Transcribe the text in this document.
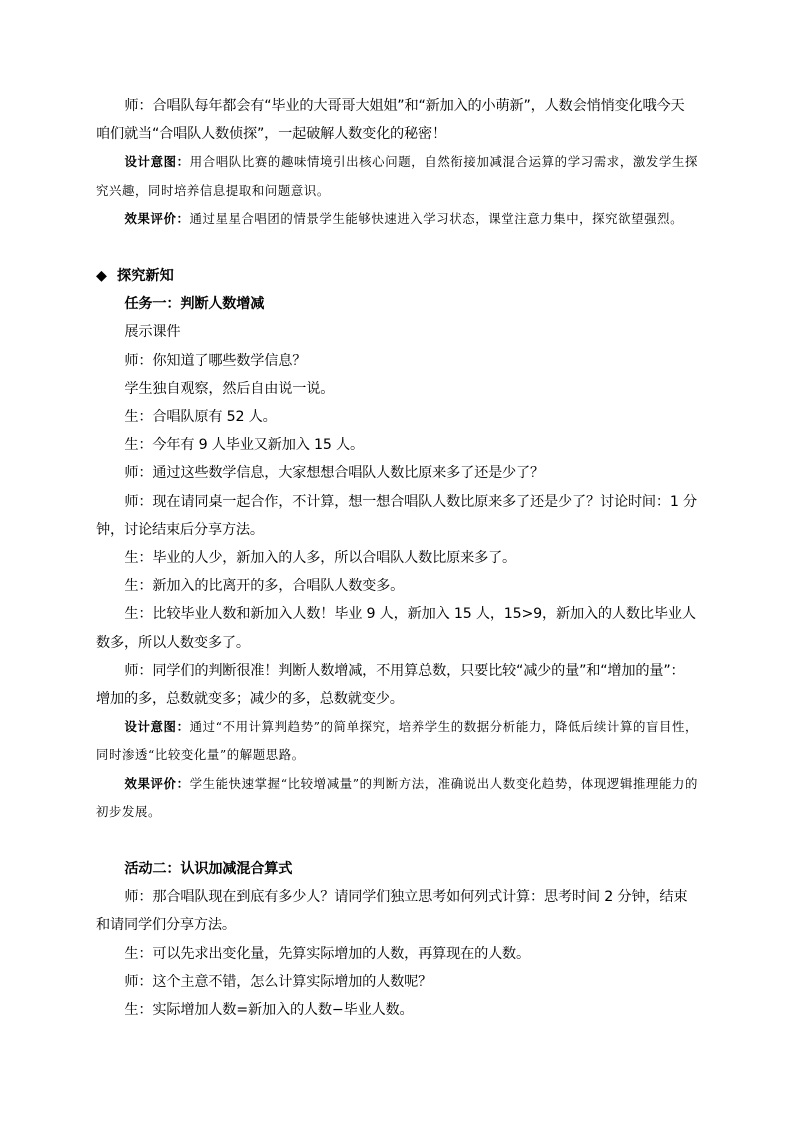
师：合唱队每年都会有“毕业的大哥哥大姐姐”和“新加入的小萌新”，人数会悄悄变化哦今天咱们就当“合唱队人数侦探”，一起破解人数变化的秘密！

设计意图：用合唱队比赛的趣味情境引出核心问题，自然衔接加减混合运算的学习需求，激发学生探究兴趣，同时培养信息提取和问题意识。

效果评价：通过星星合唱团的情景学生能够快速进入学习状态，课堂注意力集中，探究欲望强烈。

◆ 探究新知

任务一：判断人数增减

展示课件

师：你知道了哪些数学信息？

学生独自观察，然后自由说一说。

生：合唱队原有 52 人。

生：今年有 9 人毕业又新加入 15 人。

师：通过这些数学信息，大家想想合唱队人数比原来多了还是少了？

师：现在请同桌一起合作，不计算，想一想合唱队人数比原来多了还是少了？讨论时间：1 分钟，讨论结束后分享方法。

生：毕业的人少，新加入的人多，所以合唱队人数比原来多了。

生：新加入的比离开的多，合唱队人数变多。

生：比较毕业人数和新加入人数！毕业 9 人，新加入 15 人，15>9，新加入的人数比毕业人数多，所以人数变多了。

师：同学们的判断很准！判断人数增减，不用算总数，只要比较“减少的量”和“增加的量”：增加的多，总数就变多；减少的多，总数就变少。

设计意图：通过“不用计算判趋势”的简单探究，培养学生的数据分析能力，降低后续计算的盲目性，同时渗透“比较变化量”的解题思路。

效果评价：学生能快速掌握“比较增减量”的判断方法，准确说出人数变化趋势，体现逻辑推理能力的初步发展。

活动二：认识加减混合算式

师：那合唱队现在到底有多少人？请同学们独立思考如何列式计算：思考时间 2 分钟，结束和请同学们分享方法。

生：可以先求出变化量，先算实际增加的人数，再算现在的人数。

师：这个主意不错，怎么计算实际增加的人数呢？

生：实际增加人数=新加入的人数−毕业人数。
